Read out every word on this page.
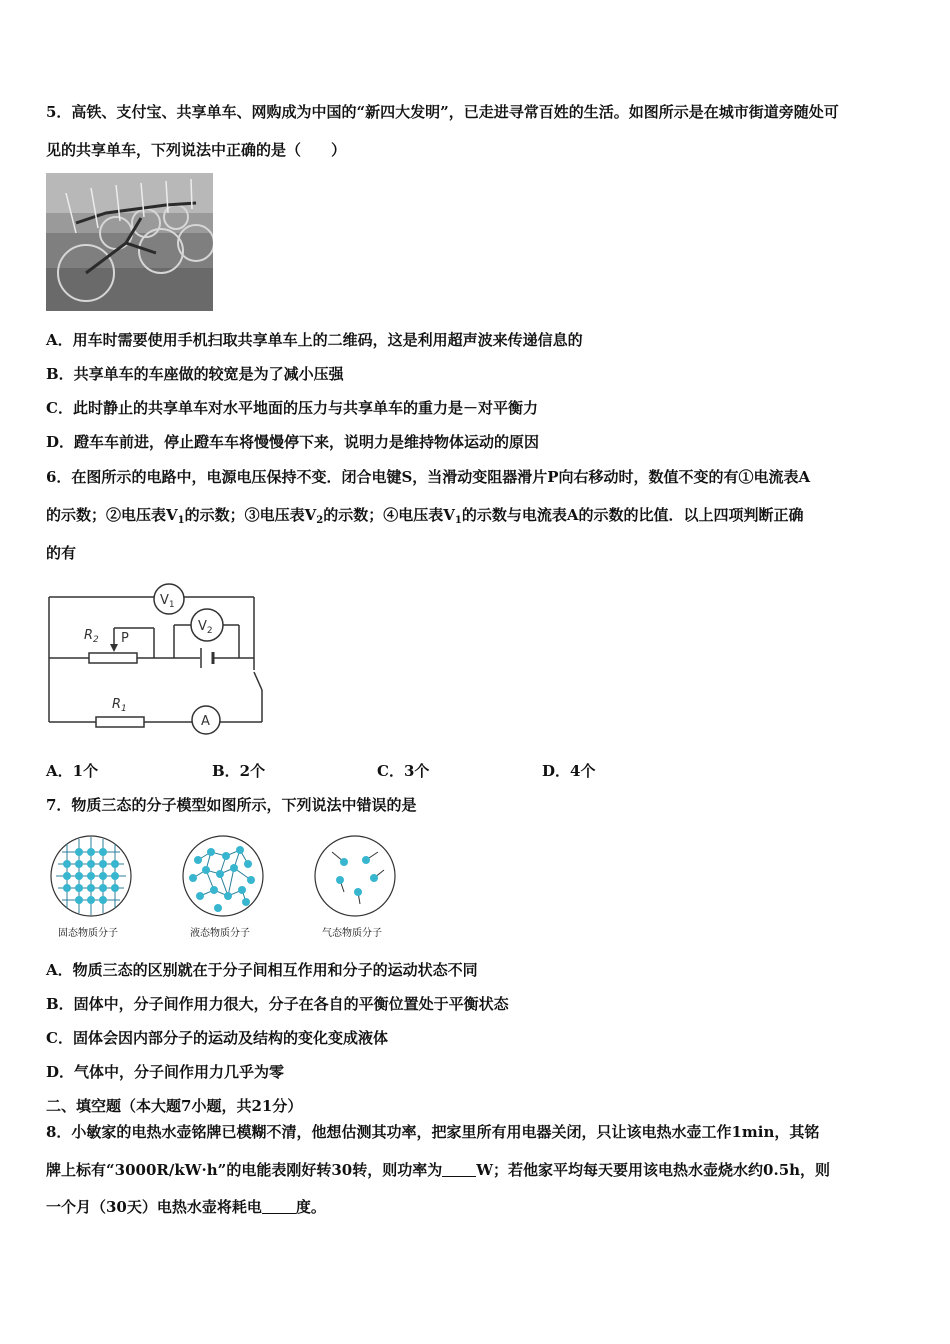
5．高铁、支付宝、共享单车、网购成为中国的“新四大发明”，已走进寻常百姓的生活。如图所示是在城市街道旁随处可
见的共享单车，下列说法中正确的是（　　）
A．用车时需要使用手机扫取共享单车上的二维码，这是利用超声波来传递信息的
B．共享单车的车座做的较宽是为了减小压强
C．此时静止的共享单车对水平地面的压力与共享单车的重力是－对平衡力
D．蹬车车前进，停止蹬车车将慢慢停下来，说明力是维持物体运动的原因
6．在图所示的电路中，电源电压保持不变．闭合电键S，当滑动变阻器滑片P向右移动时，数值不变的有①电流表A
的示数；②电压表$V_1$的示数；③电压表$V_2$的示数；④电压表$V_1$的示数与电流表A的示数的比值．以上四项判断正确
的有
$R_2$ P
$R_1$
$V_1$
$V_2$
A
A．1个	B．2个	C．3个	D．4个
7．物质三态的分子模型如图所示，下列说法中错误的是
固态物质分子	液态物质分子	气态物质分子
A．物质三态的区别就在于分子间相互作用和分子的运动状态不同
B．固体中，分子间作用力很大，分子在各自的平衡位置处于平衡状态
C．固体会因内部分子的运动及结构的变化变成液体
D．气体中，分子间作用力几乎为零
二、填空题（本大题7小题，共21分）
8．小敏家的电热水壶铭牌已模糊不清，他想估测其功率，把家里所有用电器关闭，只让该电热水壶工作1min，其铭
牌上标有“3000R/kW·h”的电能表刚好转30转，则功率为 W；若他家平均每天要用该电热水壶烧水约0.5h，则
一个月（30天）电热水壶将耗电 度。
